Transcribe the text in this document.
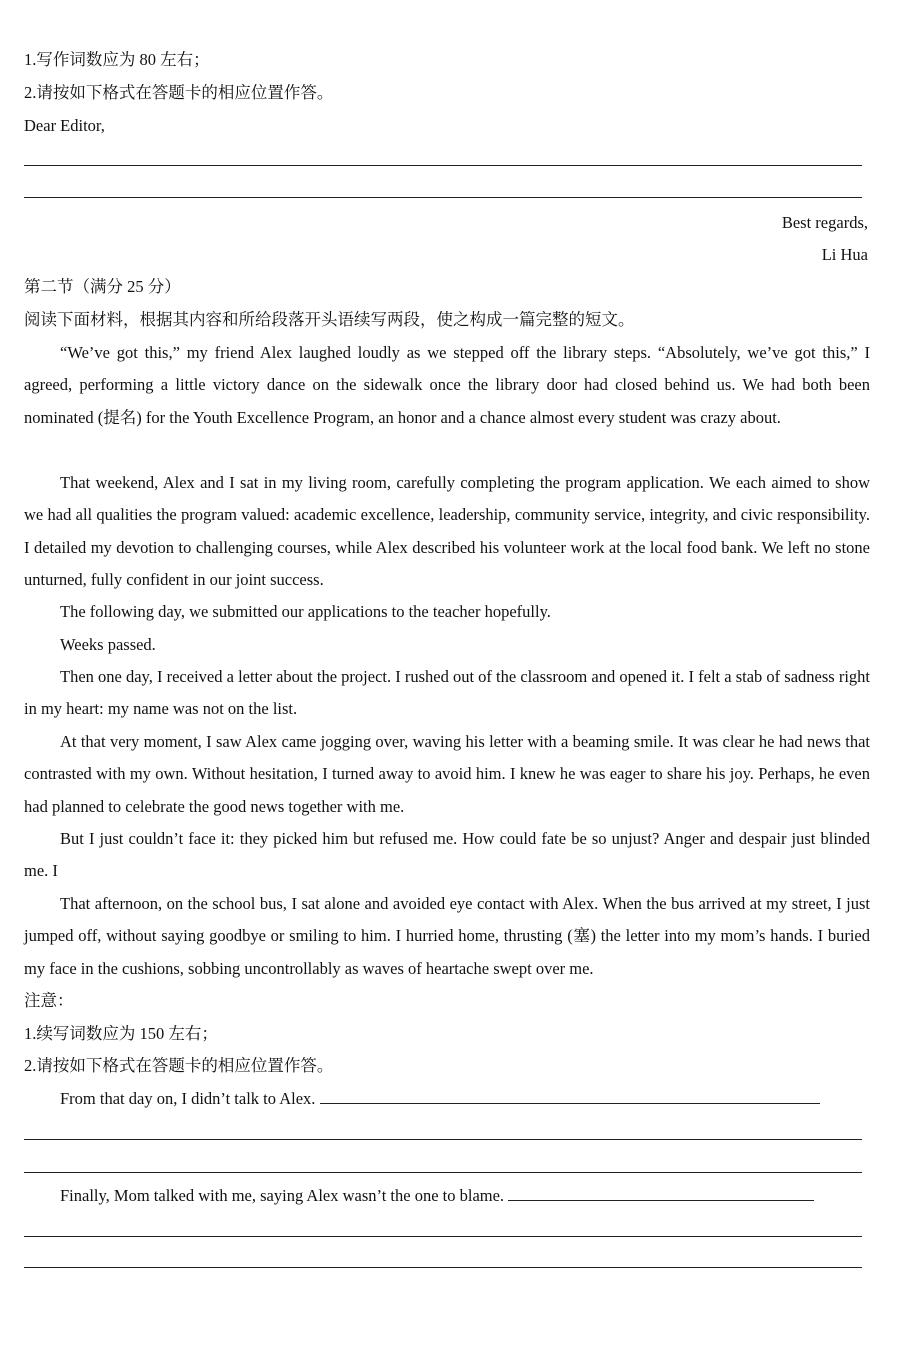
1.写作词数应为 80 左右；
2.请按如下格式在答题卡的相应位置作答。
Dear Editor,
Best regards,
Li Hua
第二节（满分 25 分）
阅读下面材料，根据其内容和所给段落开头语续写两段，使之构成一篇完整的短文。
“We’ve got this,” my friend Alex laughed loudly as we stepped off the library steps. “Absolutely, we’ve got this,” I agreed, performing a little victory dance on the sidewalk once the library door had closed behind us. We had both been nominated (提名) for the Youth Excellence Program, an honor and a chance almost every student was crazy about.
That weekend, Alex and I sat in my living room, carefully completing the program application. We each aimed to show we had all qualities the program valued: academic excellence, leadership, community service, integrity, and civic responsibility. I detailed my devotion to challenging courses, while Alex described his volunteer work at the local food bank. We left no stone unturned, fully confident in our joint success.
The following day, we submitted our applications to the teacher hopefully.
Weeks passed.
Then one day, I received a letter about the project. I rushed out of the classroom and opened it. I felt a stab of sadness right in my heart: my name was not on the list.
At that very moment, I saw Alex came jogging over, waving his letter with a beaming smile. It was clear he had news that contrasted with my own. Without hesitation, I turned away to avoid him. I knew he was eager to share his joy. Perhaps, he even had planned to celebrate the good news together with me.
But I just couldn’t face it: they picked him but refused me. How could fate be so unjust? Anger and despair just blinded me. I
That afternoon, on the school bus, I sat alone and avoided eye contact with Alex. When the bus arrived at my street, I just jumped off, without saying goodbye or smiling to him. I hurried home, thrusting (塞) the letter into my mom’s hands. I buried my face in the cushions, sobbing uncontrollably as waves of heartache swept over me.
注意：
1.续写词数应为 150 左右；
2.请按如下格式在答题卡的相应位置作答。
From that day on, I didn’t talk to Alex.
Finally, Mom talked with me, saying Alex wasn’t the one to blame.
